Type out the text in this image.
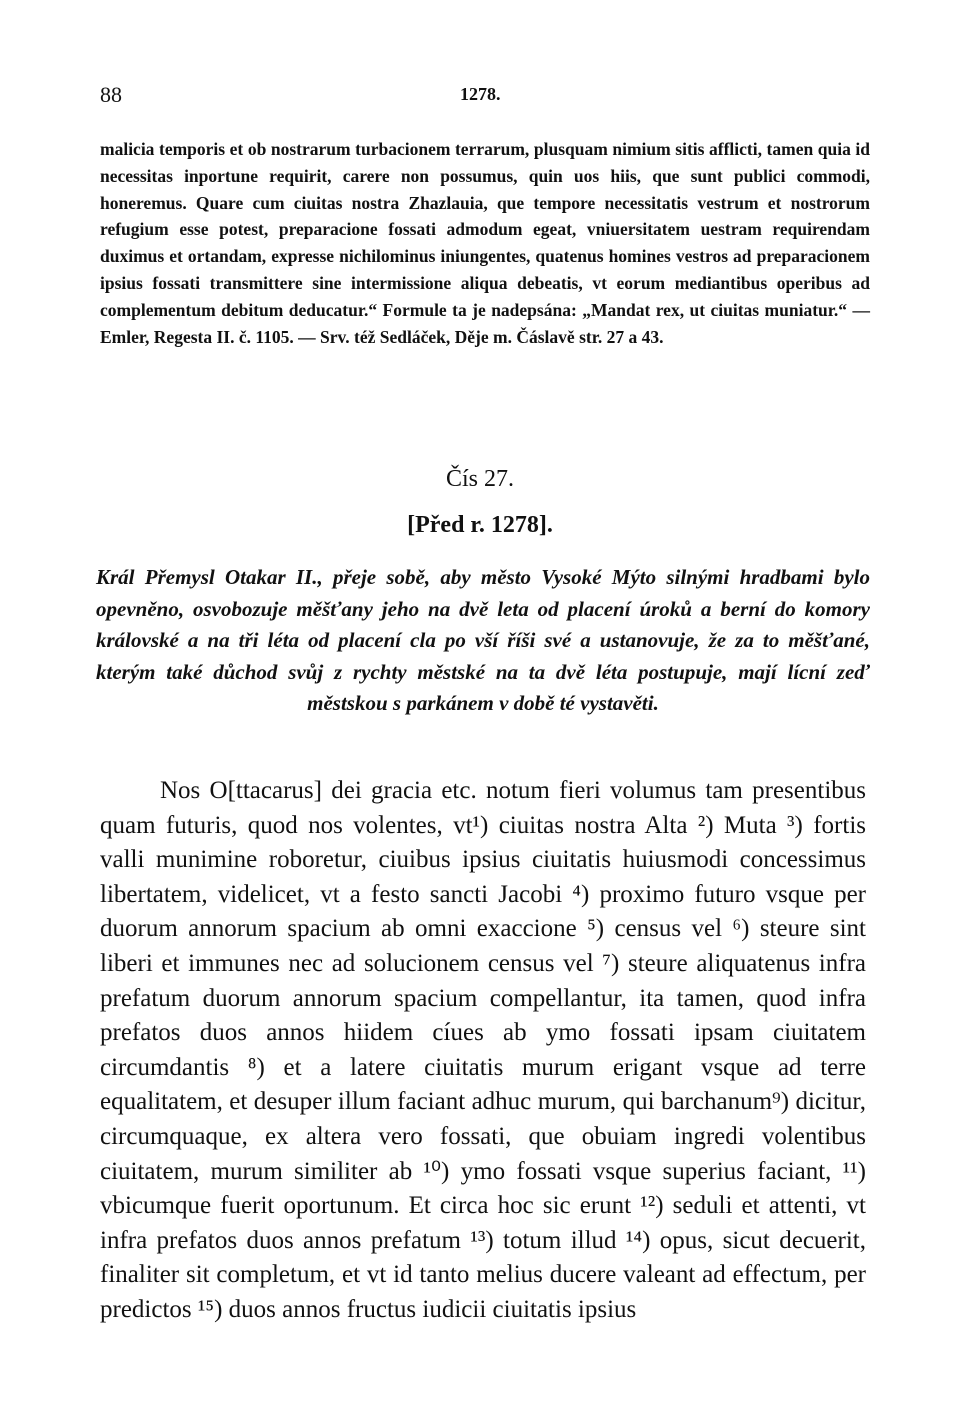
88	1278.

malicia temporis et ob nostrarum turbacionem terrarum, plusquam nimium sitis afflicti, tamen quia id necessitas inportune requirit, carere non possumus, quin uos hiis, que sunt publici commodi, honeremus. Quare cum ciuitas nostra Zhazlauia, que tempore necessitatis vestrum et nostrorum refugium esse potest, preparacione fossati admodum egeat, vniuersitatem uestram requirendam duximus et ortandam, expresse nichilominus iniungentes, quatenus homines vestros ad preparacionem ipsius fossati transmittere sine intermissione aliqua debeatis, vt eorum mediantibus operibus ad complementum debitum deducatur.“ Formule ta je nadepsána: „Mandat rex, ut ciuitas muniatur.“ — Emler, Regesta II. č. 1105. — Srv. též Sedláček, Děje m. Čáslavě str. 27 a 43.

Čís 27.

[Před r. 1278].

Král Přemysl Otakar II., přeje sobě, aby město Vysoké Mýto silnými hradbami bylo opevněno, osvobozuje měšťany jeho na dvě leta od placení úroků a berní do komory královské a na tři léta od placení cla po vší říši své a ustanovuje, že za to měšťané, kterým také důchod svůj z rychty městské na ta dvě léta postupuje, mají lícní zeď městskou s parkánem v době té vystavěti.

Nos O[ttacarus] dei gracia etc. notum fieri volumus tam presentibus quam futuris, quod nos volentes, vt¹) ciuitas nostra Alta ²) Muta ³) fortis valli munimine roboretur, ciuibus ipsius ciuitatis huiusmodi concessimus libertatem, videlicet, vt a festo sancti Jacobi ⁴) proximo futuro vsque per duorum annorum spacium ab omni exaccione ⁵) census vel ⁶) steure sint liberi et immunes nec ad solucionem census vel ⁷) steure aliquatenus infra prefatum duorum annorum spacium compellantur, ita tamen, quod infra prefatos duos annos hiidem cíues ab ymo fossati ipsam ciuitatem circumdantis ⁸) et a latere ciuitatis murum erigant vsque ad terre equalitatem, et desuper illum faciant adhuc murum, qui barchanum⁹) dicitur, circumquaque, ex altera vero fossati, que obuiam ingredi volentibus ciuitatem, murum similiter ab ¹⁰) ymo fossati vsque superius faciant, ¹¹) vbicumque fuerit oportunum. Et circa hoc sic erunt ¹²) seduli et attenti, vt infra prefatos duos annos prefatum ¹³) totum illud ¹⁴) opus, sicut decuerit, finaliter sit completum, et vt id tanto melius ducere valeant ad effectum, per predictos ¹⁵) duos annos fructus iudicii ciuitatis ipsius
